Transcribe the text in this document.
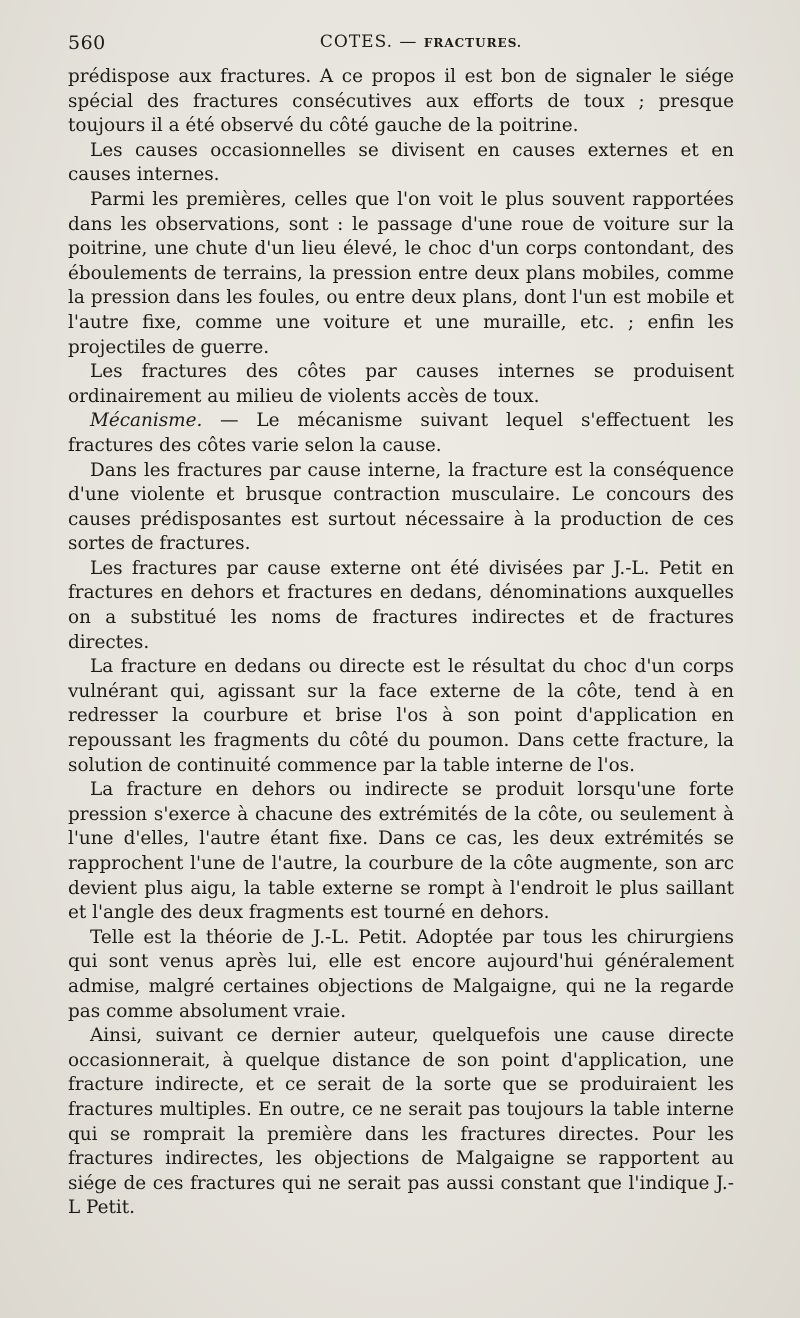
560	COTES. — FRACTURES.

prédispose aux fractures. A ce propos il est bon de signaler le siége spécial des fractures consécutives aux efforts de toux ; presque toujours il a été observé du côté gauche de la poitrine.

Les causes occasionnelles se divisent en causes externes et en causes internes.

Parmi les premières, celles que l'on voit le plus souvent rapportées dans les observations, sont : le passage d'une roue de voiture sur la poitrine, une chute d'un lieu élevé, le choc d'un corps contondant, des éboulements de terrains, la pression entre deux plans mobiles, comme la pression dans les foules, ou entre deux plans, dont l'un est mobile et l'autre fixe, comme une voiture et une muraille, etc. ; enfin les projectiles de guerre.

Les fractures des côtes par causes internes se produisent ordinairement au milieu de violents accès de toux.

Mécanisme. — Le mécanisme suivant lequel s'effectuent les fractures des côtes varie selon la cause.

Dans les fractures par cause interne, la fracture est la conséquence d'une violente et brusque contraction musculaire. Le concours des causes prédisposantes est surtout nécessaire à la production de ces sortes de fractures.

Les fractures par cause externe ont été divisées par J.-L. Petit en fractures en dehors et fractures en dedans, dénominations auxquelles on a substitué les noms de fractures indirectes et de fractures directes.

La fracture en dedans ou directe est le résultat du choc d'un corps vulnérant qui, agissant sur la face externe de la côte, tend à en redresser la courbure et brise l'os à son point d'application en repoussant les fragments du côté du poumon. Dans cette fracture, la solution de continuité commence par la table interne de l'os.

La fracture en dehors ou indirecte se produit lorsqu'une forte pression s'exerce à chacune des extrémités de la côte, ou seulement à l'une d'elles, l'autre étant fixe. Dans ce cas, les deux extrémités se rapprochent l'une de l'autre, la courbure de la côte augmente, son arc devient plus aigu, la table externe se rompt à l'endroit le plus saillant et l'angle des deux fragments est tourné en dehors.

Telle est la théorie de J.-L. Petit. Adoptée par tous les chirurgiens qui sont venus après lui, elle est encore aujourd'hui généralement admise, malgré certaines objections de Malgaigne, qui ne la regarde pas comme absolument vraie.

Ainsi, suivant ce dernier auteur, quelquefois une cause directe occasionnerait, à quelque distance de son point d'application, une fracture indirecte, et ce serait de la sorte que se produiraient les fractures multiples. En outre, ce ne serait pas toujours la table interne qui se romprait la première dans les fractures directes. Pour les fractures indirectes, les objections de Malgaigne se rapportent au siége de ces fractures qui ne serait pas aussi constant que l'indique J.-L Petit.
